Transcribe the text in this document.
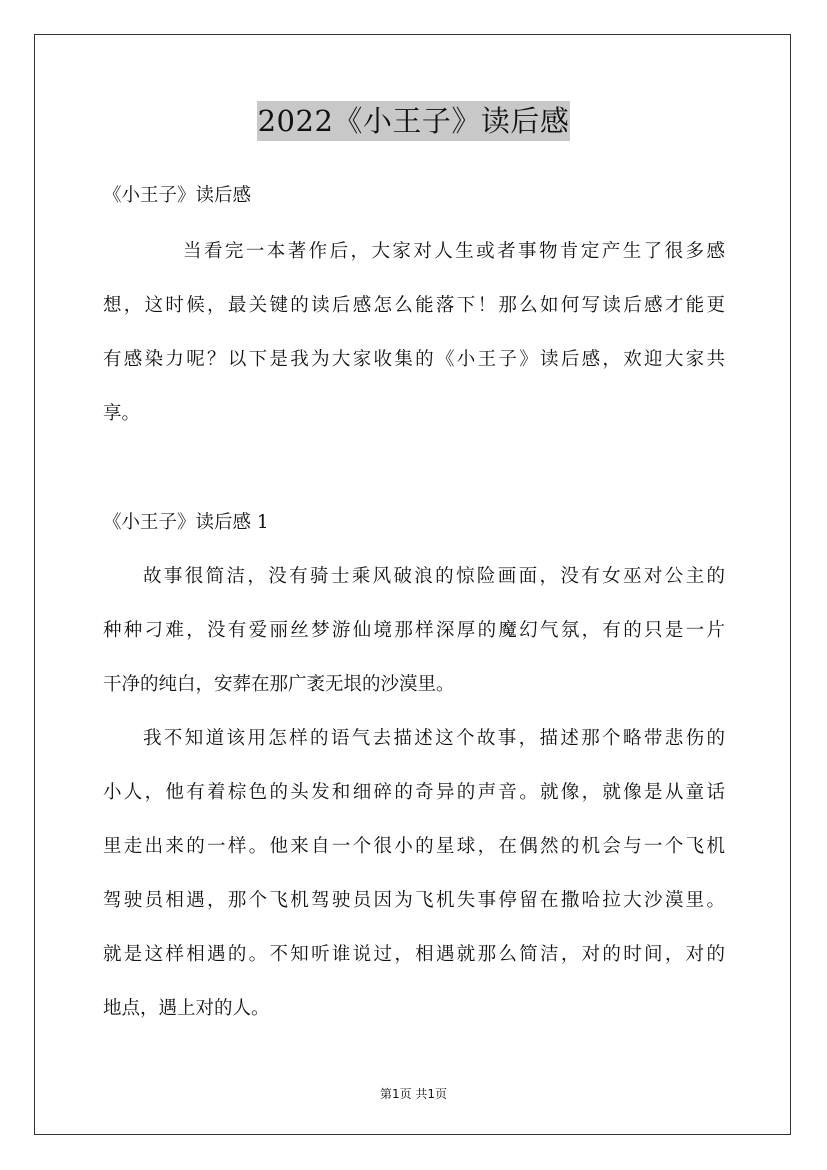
2022《小王子》读后感
《小王子》读后感
当看完一本著作后，大家对人生或者事物肯定产生了很多感
想，这时候，最关键的读后感怎么能落下！那么如何写读后感才能更
有感染力呢？以下是我为大家收集的《小王子》读后感，欢迎大家共
享。
《小王子》读后感 1
故事很简洁，没有骑士乘风破浪的惊险画面，没有女巫对公主的
种种刁难，没有爱丽丝梦游仙境那样深厚的魔幻气氛，有的只是一片
干净的纯白，安葬在那广袤无垠的沙漠里。
我不知道该用怎样的语气去描述这个故事，描述那个略带悲伤的
小人，他有着棕色的头发和细碎的奇异的声音。就像，就像是从童话
里走出来的一样。他来自一个很小的星球，在偶然的机会与一个飞机
驾驶员相遇，那个飞机驾驶员因为飞机失事停留在撒哈拉大沙漠里。
就是这样相遇的。不知听谁说过，相遇就那么简洁，对的时间，对的
地点，遇上对的人。
第1页 共1页
